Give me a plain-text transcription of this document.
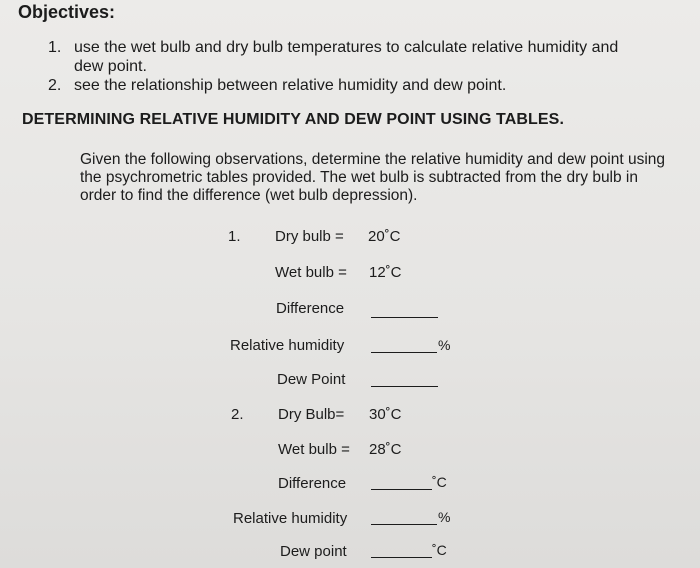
Objectives:
1. use the wet bulb and dry bulb temperatures to calculate relative humidity and dew point.
2. see the relationship between relative humidity and dew point.
DETERMINING RELATIVE HUMIDITY AND DEW POINT USING TABLES.
Given the following observations, determine the relative humidity and dew point using the psychrometric tables provided. The wet bulb is subtracted from the dry bulb in order to find the difference (wet bulb depression).
1. Dry bulb = 20˚C
Wet bulb = 12˚C
Difference
Relative humidity	%
Dew Point
2. Dry Bulb= 30˚C
Wet bulb = 28˚C
Difference	˚C
Relative humidity	%
Dew point	˚C
